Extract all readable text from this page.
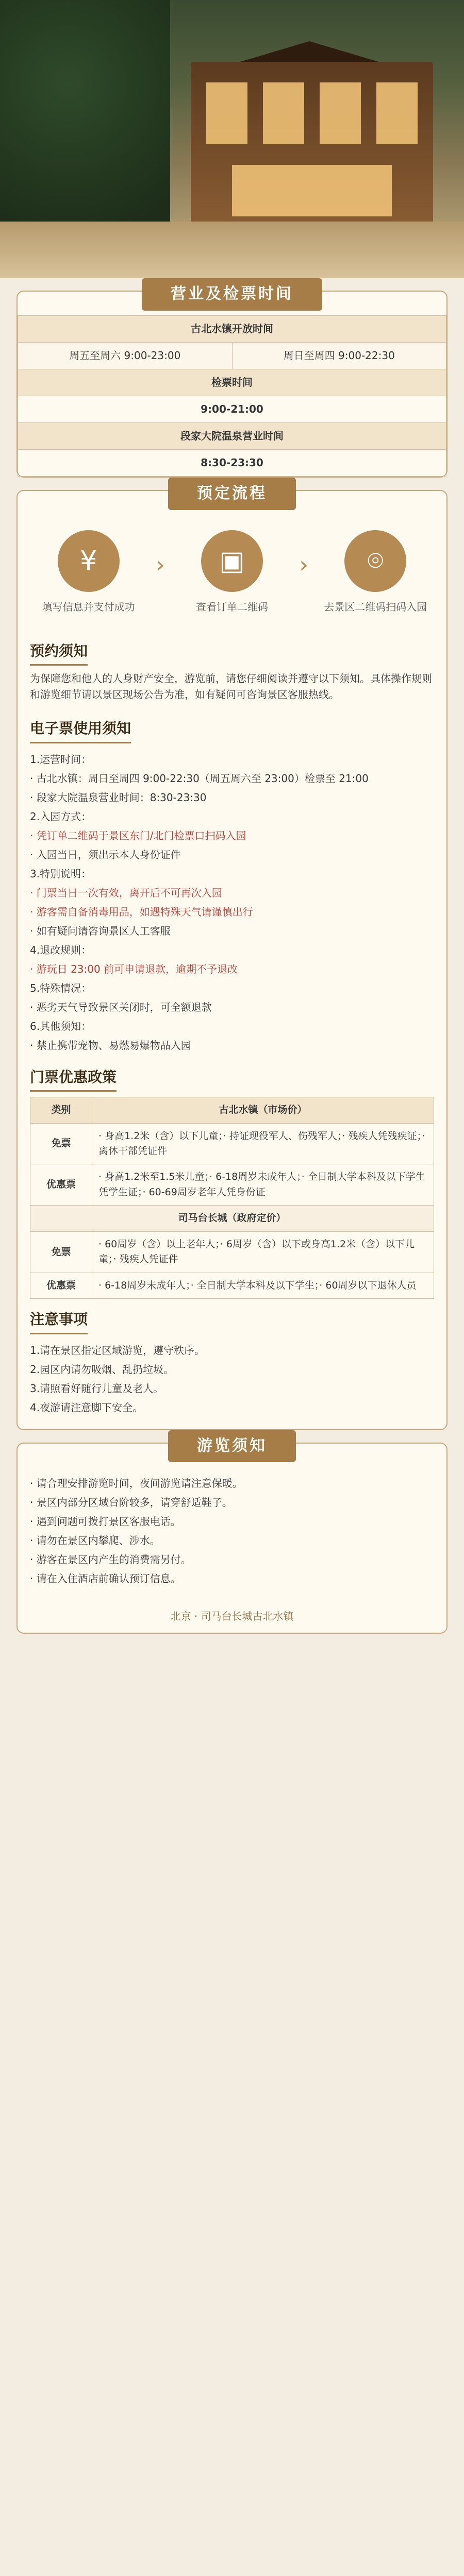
营业及检票时间
古北水镇开放时间
周五至周六 9:00-23:00	周日至周四 9:00-22:30
检票时间
9:00-21:00
段家大院温泉营业时间
8:30-23:30
预定流程
¥

填写信息并支付成功

›	▣

查看订单二维码

›	⌾

去景区二维码扫码入园

预约须知

为保障您和他人的人身财产安全，游览前，请您仔细阅读并遵守以下须知。具体操作规则和游览细节请以景区现场公告为准，如有疑问可咨询景区客服热线。

电子票使用须知

1.运营时间：

· 古北水镇：周日至周四 9:00-22:30（周五周六至 23:00）检票至 21:00

· 段家大院温泉营业时间：8:30-23:30

2.入园方式：

· 凭订单二维码于景区东门/北门检票口扫码入园

· 入园当日，须出示本人身份证件

3.特别说明：

· 门票当日一次有效，离开后不可再次入园

· 游客需自备消毒用品，如遇特殊天气请谨慎出行

· 如有疑问请咨询景区人工客服

4.退改规则：

· 游玩日 23:00 前可申请退款，逾期不予退改

5.特殊情况：

· 恶劣天气导致景区关闭时，可全额退款

6.其他须知：

· 禁止携带宠物、易燃易爆物品入园

门票优惠政策

类别	古北水镇（市场价）
免票	· 身高1.2米（含）以下儿童；· 持证现役军人、伤残军人；· 残疾人凭残疾证；· 离休干部凭证件
优惠票	· 身高1.2米至1.5米儿童；· 6-18周岁未成年人；· 全日制大学本科及以下学生凭学生证；· 60-69周岁老年人凭身份证
司马台长城（政府定价）	
免票	· 60周岁（含）以上老年人；· 6周岁（含）以下或身高1.2米（含）以下儿童；· 残疾人凭证件
优惠票	· 6-18周岁未成年人；· 全日制大学本科及以下学生；· 60周岁以下退休人员

注意事项

1.请在景区指定区域游览，遵守秩序。

2.园区内请勿吸烟、乱扔垃圾。

3.请照看好随行儿童及老人。

4.夜游请注意脚下安全。

游览须知

· 请合理安排游览时间，夜间游览请注意保暖。

· 景区内部分区域台阶较多，请穿舒适鞋子。

· 遇到问题可拨打景区客服电话。

· 请勿在景区内攀爬、涉水。

· 游客在景区内产生的消费需另付。

· 请在入住酒店前确认预订信息。

北京 · 司马台长城古北水镇
